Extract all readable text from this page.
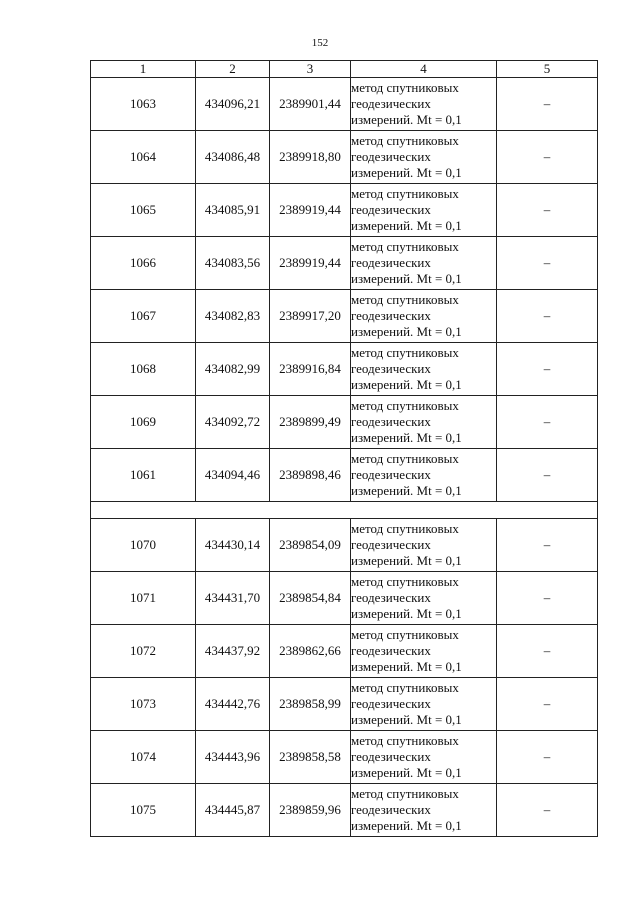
152
1	2	3	4	5
1063	434096,21	2389901,44	метод спутниковых
геодезических
измерений. Mt = 0,1	–
1064	434086,48	2389918,80	метод спутниковых
геодезических
измерений. Mt = 0,1	–
1065	434085,91	2389919,44	метод спутниковых
геодезических
измерений. Mt = 0,1	–
1066	434083,56	2389919,44	метод спутниковых
геодезических
измерений. Mt = 0,1	–
1067	434082,83	2389917,20	метод спутниковых
геодезических
измерений. Mt = 0,1	–
1068	434082,99	2389916,84	метод спутниковых
геодезических
измерений. Mt = 0,1	–
1069	434092,72	2389899,49	метод спутниковых
геодезических
измерений. Mt = 0,1	–
1061	434094,46	2389898,46	метод спутниковых
геодезических
измерений. Mt = 0,1	–

1070	434430,14	2389854,09	метод спутниковых
геодезических
измерений. Mt = 0,1	–
1071	434431,70	2389854,84	метод спутниковых
геодезических
измерений. Mt = 0,1	–
1072	434437,92	2389862,66	метод спутниковых
геодезических
измерений. Mt = 0,1	–
1073	434442,76	2389858,99	метод спутниковых
геодезических
измерений. Mt = 0,1	–
1074	434443,96	2389858,58	метод спутниковых
геодезических
измерений. Mt = 0,1	–
1075	434445,87	2389859,96	метод спутниковых
геодезических
измерений. Mt = 0,1	–
